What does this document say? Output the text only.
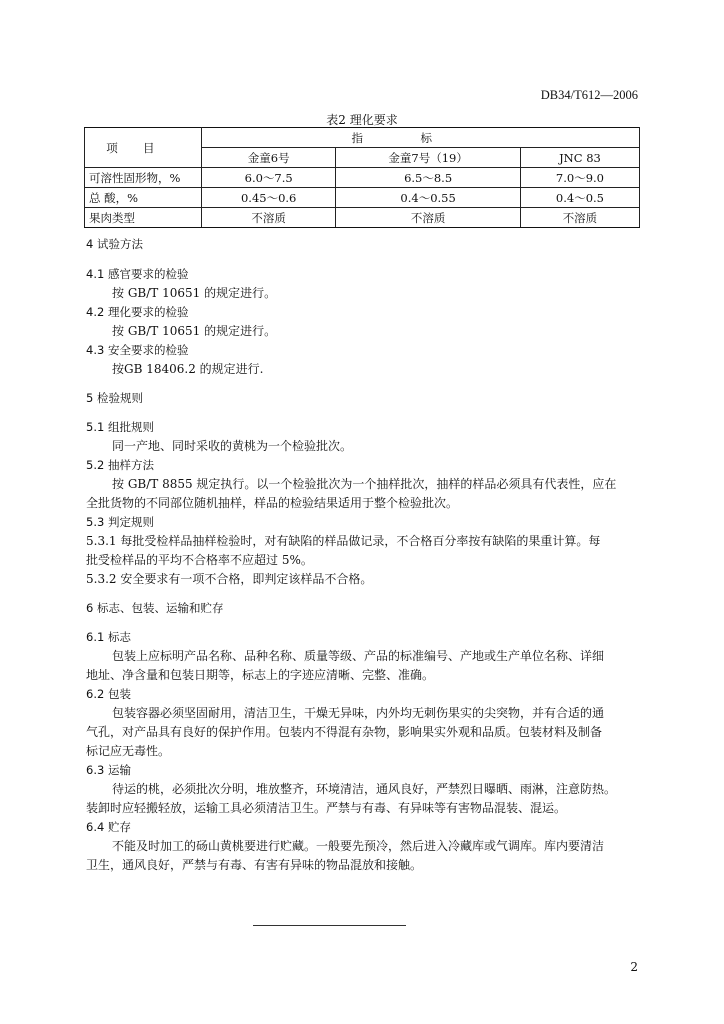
DB34/T612—2006
表2 理化要求
项目	指标		
	金童6号	金童7号（19）	JNC 83
可溶性固形物，%	6.0～7.5	6.5～8.5	7.0～9.0
总 酸，%	0.45～0.6	0.4～0.55	0.4～0.5
果肉类型	不溶质	不溶质	不溶质
4 试验方法
4.1 感官要求的检验
按 GB/T 10651 的规定进行。
4.2 理化要求的检验
按 GB/T 10651 的规定进行。
4.3 安全要求的检验
按GB 18406.2 的规定进行.
5 检验规则
5.1 组批规则
同一产地、同时采收的黄桃为一个检验批次。
5.2 抽样方法
按 GB/T 8855 规定执行。以一个检验批次为一个抽样批次，抽样的样品必须具有代表性，应在
全批货物的不同部位随机抽样，样品的检验结果适用于整个检验批次。
5.3 判定规则
5.3.1 每批受检样品抽样检验时，对有缺陷的样品做记录，不合格百分率按有缺陷的果重计算。每
批受检样品的平均不合格率不应超过 5%。
5.3.2 安全要求有一项不合格，即判定该样品不合格。
6 标志、包装、运输和贮存
6.1 标志
包装上应标明产品名称、品种名称、质量等级、产品的标准编号、产地或生产单位名称、详细
地址、净含量和包装日期等，标志上的字迹应清晰、完整、准确。
6.2 包装
包装容器必须坚固耐用，清洁卫生，干燥无异味，内外均无刺伤果实的尖突物，并有合适的通
气孔，对产品具有良好的保护作用。包装内不得混有杂物，影响果实外观和品质。包装材料及制备
标记应无毒性。
6.3 运输
待运的桃，必须批次分明，堆放整齐，环境清洁，通风良好，严禁烈日曝晒、雨淋，注意防热。
装卸时应轻搬轻放，运输工具必须清洁卫生。严禁与有毒、有异味等有害物品混装、混运。
6.4 贮存
不能及时加工的砀山黄桃要进行贮藏。一般要先预冷，然后进入冷藏库或气调库。库内要清洁
卫生，通风良好，严禁与有毒、有害有异味的物品混放和接触。
2
